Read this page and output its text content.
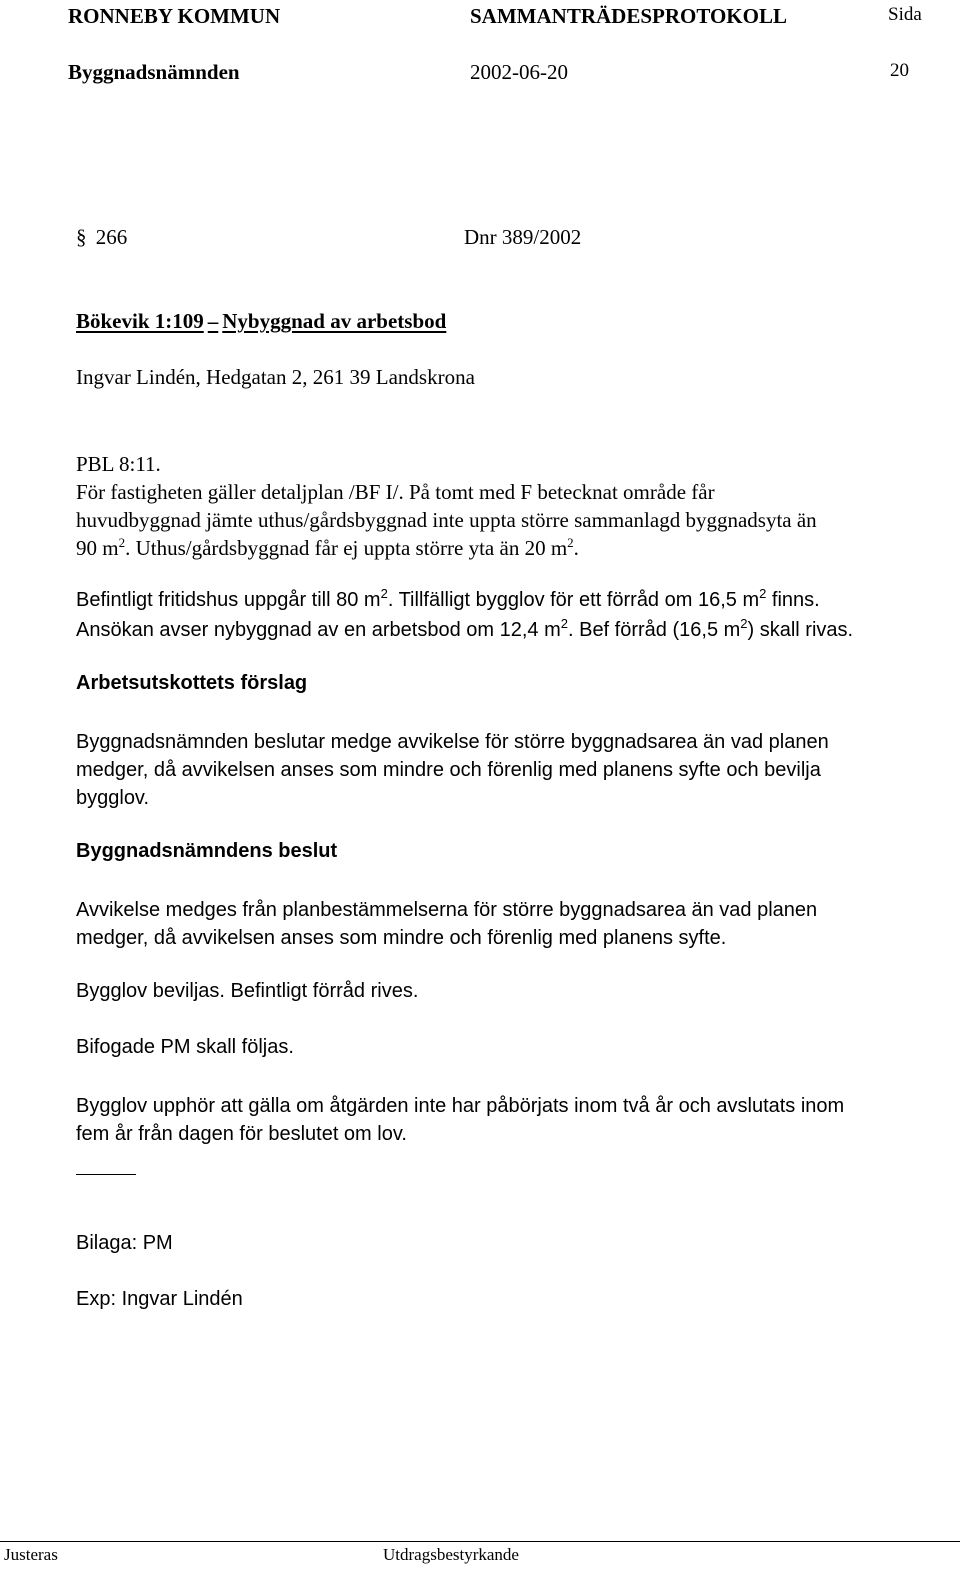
RONNEBY KOMMUN	SAMMANTRÄDESPROTOKOLL	Sida
Byggnadsnämnden	2002-06-20	20
§ 266	Dnr 389/2002
Bökevik 1:109 – Nybyggnad av arbetsbod
Ingvar Lindén, Hedgatan 2, 261 39 Landskrona

PBL 8:11.

För fastigheten gäller detaljplan /BF I/. På tomt med F betecknat område får

huvudbyggnad jämte uthus/gårdsbyggnad inte uppta större sammanlagd byggnadsyta än

90 $m^2$. Uthus/gårdsbyggnad får ej uppta större yta än 20 $m^2$.

Befintligt fritidshus uppgår till 80 $m^2$. Tillfälligt bygglov för ett förråd om 16,5 $m^2$ finns.

Ansökan avser nybyggnad av en arbetsbod om 12,4 $m^2$. Bef förråd (16,5 $m^2$) skall rivas.

Arbetsutskottets förslag

Byggnadsnämnden beslutar medge avvikelse för större byggnadsarea än vad planen

medger, då avvikelsen anses som mindre och förenlig med planens syfte och bevilja

bygglov.

Byggnadsnämndens beslut

Avvikelse medges från planbestämmelserna för större byggnadsarea än vad planen

medger, då avvikelsen anses som mindre och förenlig med planens syfte.

Bygglov beviljas. Befintligt förråd rives.
Bifogade PM skall följas.

Bygglov upphör att gälla om åtgärden inte har påbörjats inom två år och avslutats inom

fem år från dagen för beslutet om lov.

Bilaga: PM
Exp: Ingvar Lindén
Justeras	Utdragsbestyrkande
